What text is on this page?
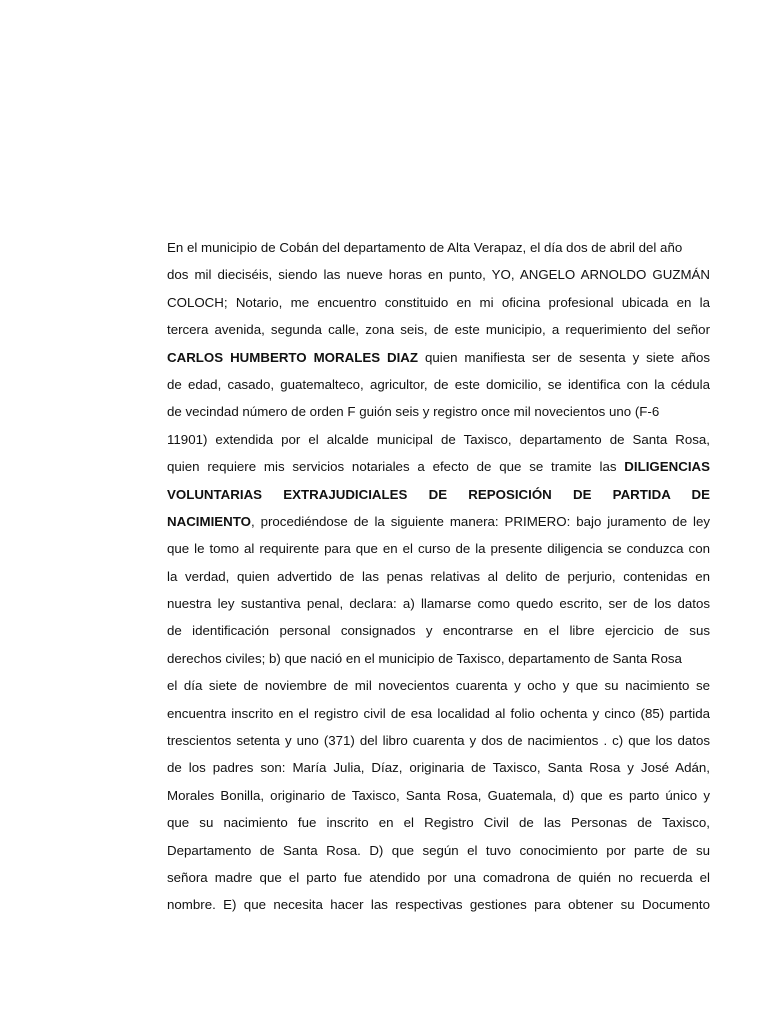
En el municipio de Cobán del departamento de Alta Verapaz, el día dos de abril del año
dos mil dieciséis, siendo las nueve horas en punto, YO, ANGELO ARNOLDO GUZMÁN
COLOCH; Notario, me encuentro constituido en mi oficina profesional ubicada en la
tercera avenida, segunda calle, zona seis, de este municipio, a requerimiento del señor
CARLOS HUMBERTO MORALES DIAZ quien manifiesta ser de sesenta y siete años
de edad, casado, guatemalteco, agricultor, de este domicilio, se identifica con la cédula
de vecindad número de orden F guión seis y registro once mil novecientos uno (F-6
11901) extendida por el alcalde municipal de Taxisco, departamento de Santa Rosa,
quien requiere mis servicios notariales a efecto de que se tramite las DILIGENCIAS
VOLUNTARIAS EXTRAJUDICIALES DE REPOSICIÓN DE PARTIDA DE
NACIMIENTO, procediéndose de la siguiente manera: PRIMERO: bajo juramento de ley
que le tomo al requirente para que en el curso de la presente diligencia se conduzca con
la verdad, quien advertido de las penas relativas al delito de perjurio, contenidas en
nuestra ley sustantiva penal, declara: a) llamarse como quedo escrito, ser de los datos
de identificación personal consignados y encontrarse en el libre ejercicio de sus
derechos civiles; b) que nació en el municipio de Taxisco, departamento de Santa Rosa
el día siete de noviembre de mil novecientos cuarenta y ocho y que su nacimiento se
encuentra inscrito en el registro civil de esa localidad al folio ochenta y cinco (85) partida
trescientos setenta y uno (371) del libro cuarenta y dos de nacimientos . c) que los datos
de los padres son: María Julia, Díaz, originaria de Taxisco, Santa Rosa y José Adán,
Morales Bonilla, originario de Taxisco, Santa Rosa, Guatemala, d) que es parto único y
que su nacimiento fue inscrito en el Registro Civil de las Personas de Taxisco,
Departamento de Santa Rosa. D) que según el tuvo conocimiento por parte de su
señora madre que el parto fue atendido por una comadrona de quién no recuerda el
nombre. E) que necesita hacer las respectivas gestiones para obtener su Documento
